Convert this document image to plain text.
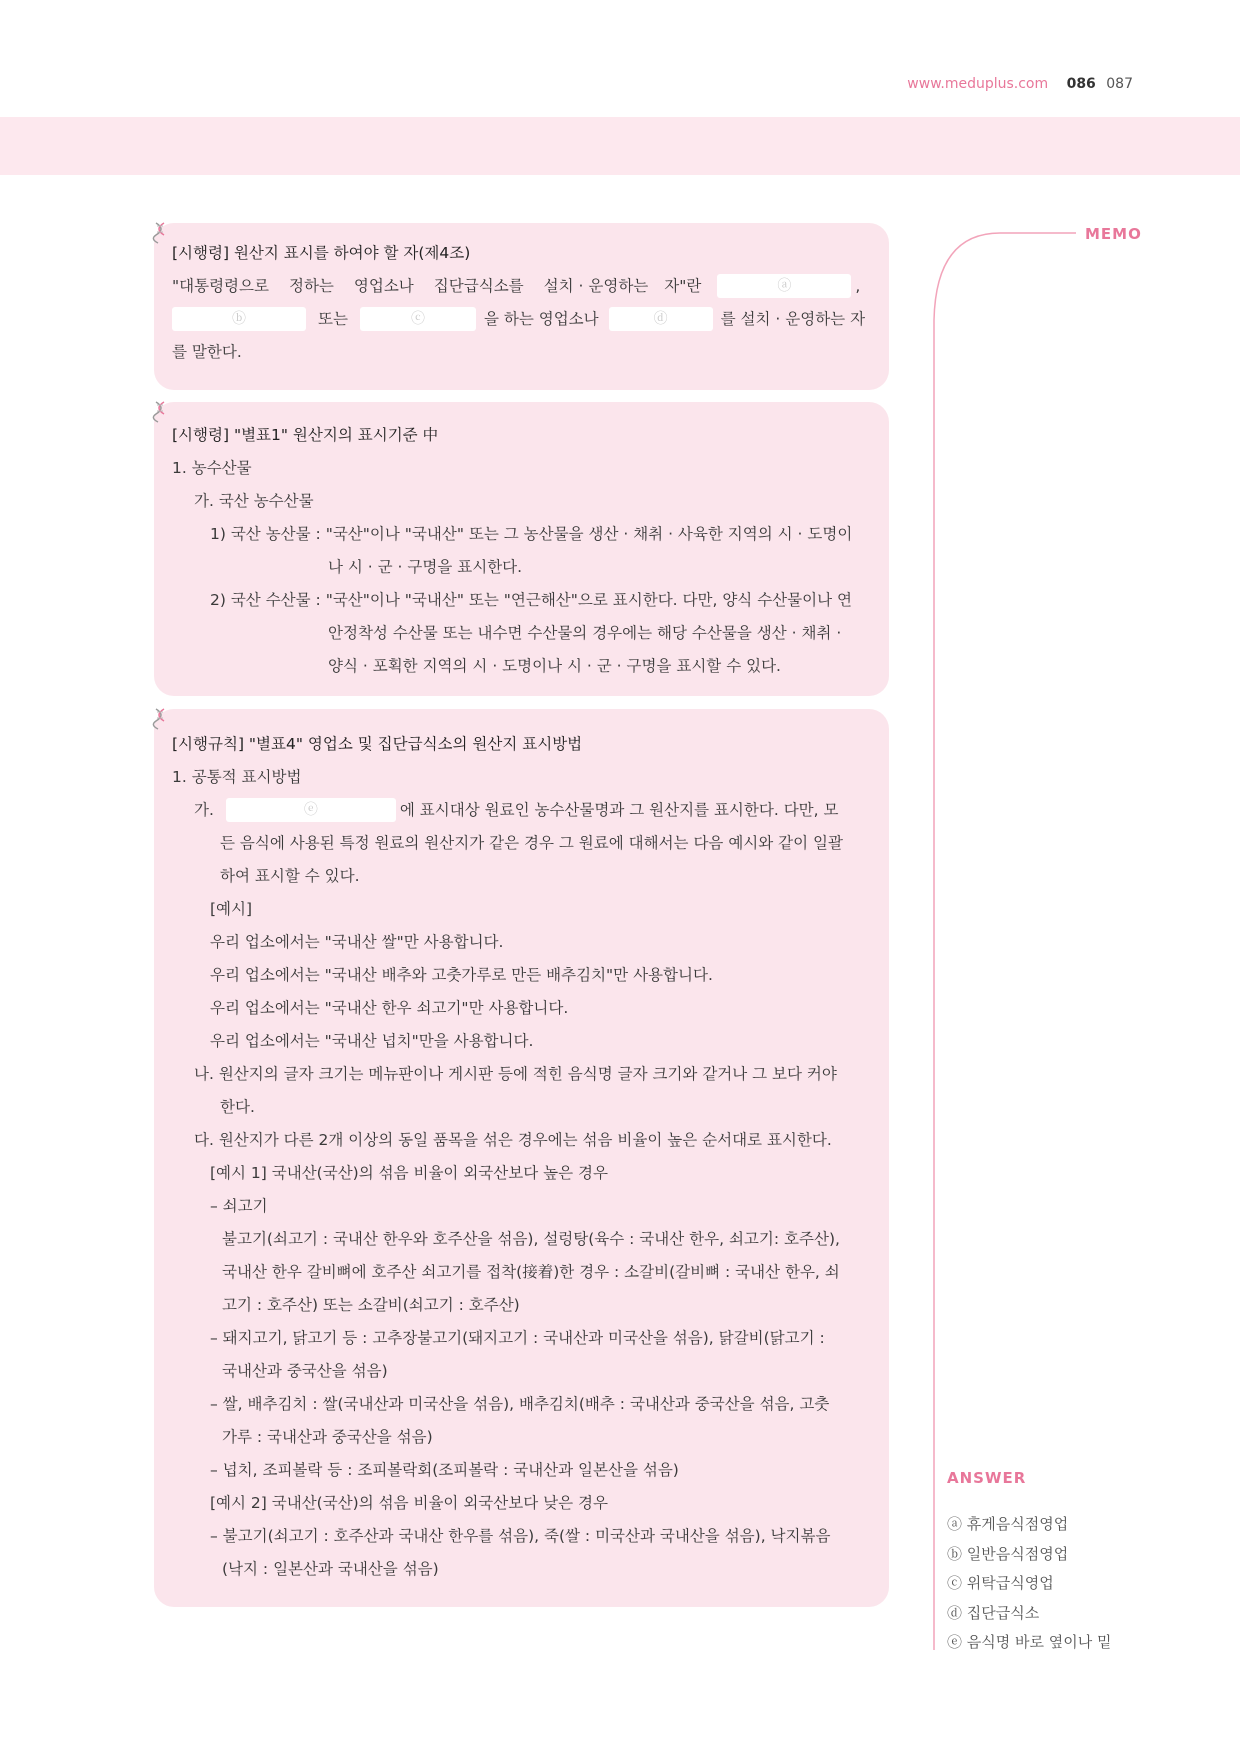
www.meduplus.com 086 087
MEMO
[시행령] 원산지 표시를 하여야 할 자(제4조)
"대통령령으로 정하는 영업소나 집단급식소를 설치 · 운영하는 자"란	ⓐ	,
ⓑ	또는	ⓒ	을 하는 영업소나	ⓓ	를 설치 · 운영하는 자
를 말한다.
[시행령] "별표1" 원산지의 표시기준 中
1. 농수산물
가. 국산 농수산물
1) 국산 농산물 : "국산"이나 "국내산" 또는 그 농산물을 생산 · 채취 · 사육한 지역의 시 · 도명이
나 시 · 군 · 구명을 표시한다.
2) 국산 수산물 : "국산"이나 "국내산" 또는 "연근해산"으로 표시한다. 다만, 양식 수산물이나 연
안정착성 수산물 또는 내수면 수산물의 경우에는 해당 수산물을 생산 · 채취 ·
양식 · 포획한 지역의 시 · 도명이나 시 · 군 · 구명을 표시할 수 있다.
[시행규칙] "별표4" 영업소 및 집단급식소의 원산지 표시방법
1. 공통적 표시방법
가.	ⓔ	에 표시대상 원료인 농수산물명과 그 원산지를 표시한다. 다만, 모
든 음식에 사용된 특정 원료의 원산지가 같은 경우 그 원료에 대해서는 다음 예시와 같이 일괄
하여 표시할 수 있다.
[예시]
우리 업소에서는 "국내산 쌀"만 사용합니다.
우리 업소에서는 "국내산 배추와 고춧가루로 만든 배추김치"만 사용합니다.
우리 업소에서는 "국내산 한우 쇠고기"만 사용합니다.
우리 업소에서는 "국내산 넙치"만을 사용합니다.
나. 원산지의 글자 크기는 메뉴판이나 게시판 등에 적힌 음식명 글자 크기와 같거나 그 보다 커야
한다.
다. 원산지가 다른 2개 이상의 동일 품목을 섞은 경우에는 섞음 비율이 높은 순서대로 표시한다.
[예시 1] 국내산(국산)의 섞음 비율이 외국산보다 높은 경우
– 쇠고기
불고기(쇠고기 : 국내산 한우와 호주산을 섞음), 설렁탕(육수 : 국내산 한우, 쇠고기: 호주산),
국내산 한우 갈비뼈에 호주산 쇠고기를 접착(接着)한 경우 : 소갈비(갈비뼈 : 국내산 한우, 쇠
고기 : 호주산) 또는 소갈비(쇠고기 : 호주산)
– 돼지고기, 닭고기 등 : 고추장불고기(돼지고기 : 국내산과 미국산을 섞음), 닭갈비(닭고기 :
국내산과 중국산을 섞음)
– 쌀, 배추김치 : 쌀(국내산과 미국산을 섞음), 배추김치(배추 : 국내산과 중국산을 섞음, 고춧
가루 : 국내산과 중국산을 섞음)
– 넙치, 조피볼락 등 : 조피볼락회(조피볼락 : 국내산과 일본산을 섞음)
[예시 2] 국내산(국산)의 섞음 비율이 외국산보다 낮은 경우
– 불고기(쇠고기 : 호주산과 국내산 한우를 섞음), 죽(쌀 : 미국산과 국내산을 섞음), 낙지볶음
(낙지 : 일본산과 국내산을 섞음)
ANSWER
ⓐ 휴게음식점영업
ⓑ 일반음식점영업
ⓒ 위탁급식영업
ⓓ 집단급식소
ⓔ 음식명 바로 옆이나 밑
